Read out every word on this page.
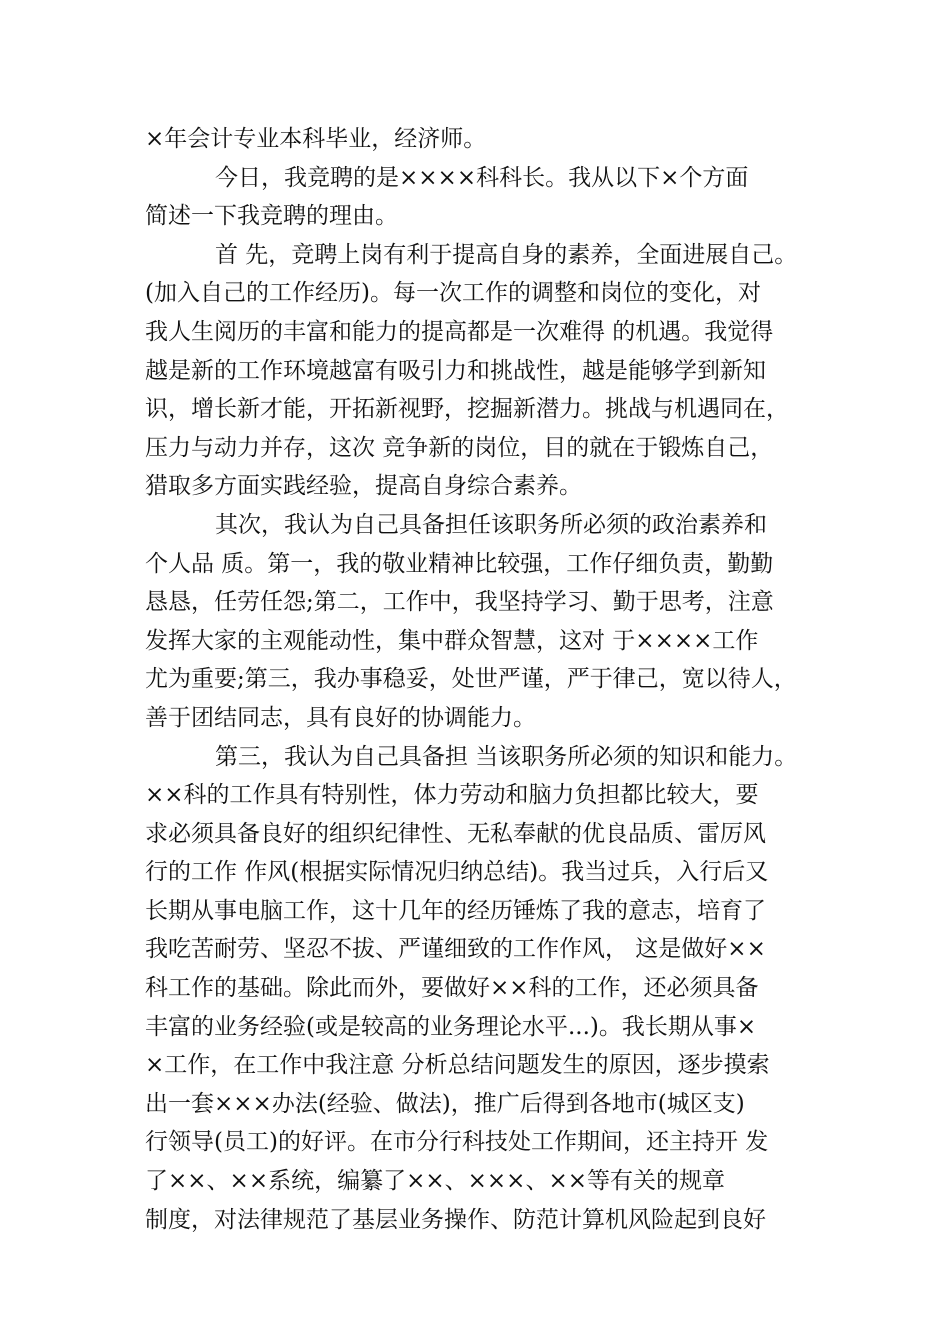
×年会计专业本科毕业，经济师。
今日，我竞聘的是××××科科长。我从以下×个方面
简述一下我竞聘的理由。
首 先，竞聘上岗有利于提高自身的素养，全面进展自己。
(加入自己的工作经历)。每一次工作的调整和岗位的变化，对
我人生阅历的丰富和能力的提高都是一次难得 的机遇。我觉得
越是新的工作环境越富有吸引力和挑战性，越是能够学到新知
识，增长新才能，开拓新视野，挖掘新潜力。挑战与机遇同在，
压力与动力并存，这次 竞争新的岗位，目的就在于锻炼自己，
猎取多方面实践经验，提高自身综合素养。
其次，我认为自己具备担任该职务所必须的政治素养和
个人品 质。第一，我的敬业精神比较强，工作仔细负责，勤勤
恳恳，任劳任怨;第二，工作中，我坚持学习、勤于思考，注意
发挥大家的主观能动性，集中群众智慧，这对 于××××工作
尤为重要;第三，我办事稳妥，处世严谨，严于律己，宽以待人，
善于团结同志，具有良好的协调能力。
第三，我认为自己具备担 当该职务所必须的知识和能力。
××科的工作具有特别性，体力劳动和脑力负担都比较大，要
求必须具备良好的组织纪律性、无私奉献的优良品质、雷厉风
行的工作 作风(根据实际情况归纳总结)。我当过兵，入行后又
长期从事电脑工作，这十几年的经历锤炼了我的意志，培育了
我吃苦耐劳、坚忍不拔、严谨细致的工作作风， 这是做好××
科工作的基础。除此而外，要做好××科的工作，还必须具备
丰富的业务经验(或是较高的业务理论水平...)。我长期从事×
×工作，在工作中我注意 分析总结问题发生的原因，逐步摸索
出一套×××办法(经验、做法)，推广后得到各地市(城区支)
行领导(员工)的好评。在市分行科技处工作期间，还主持开 发
了××、××系统，编纂了××、×××、××等有关的规章
制度，对法律规范了基层业务操作、防范计算机风险起到良好
